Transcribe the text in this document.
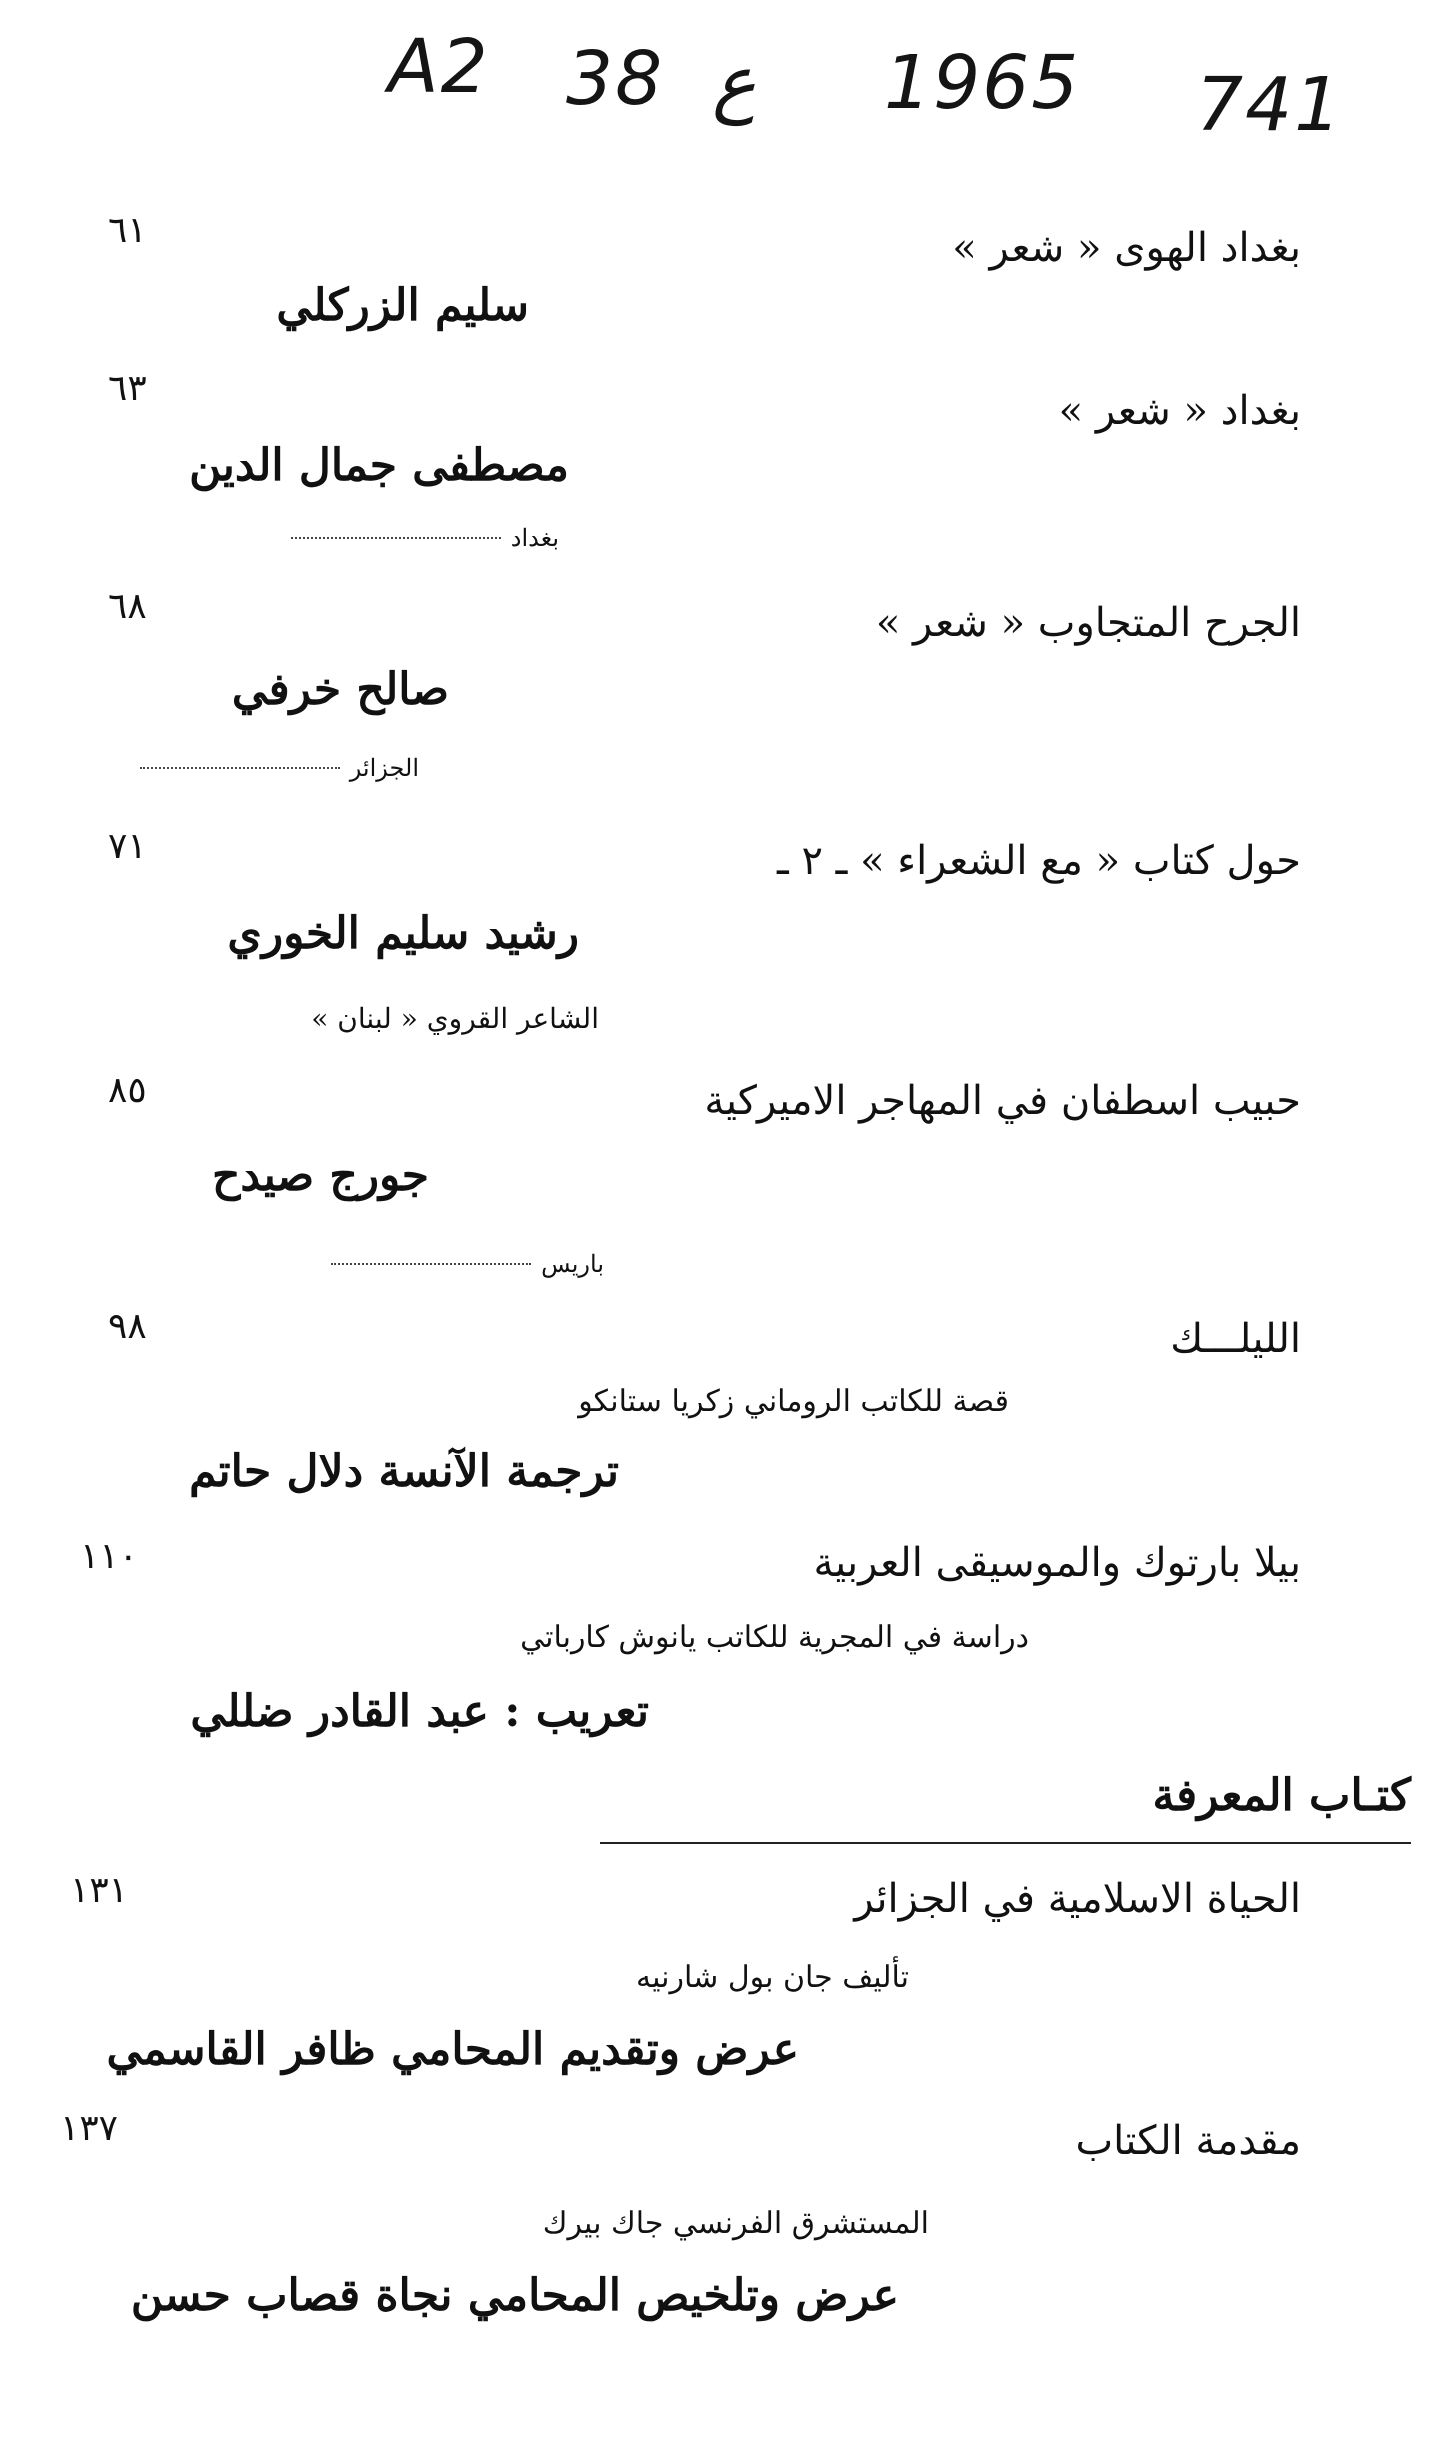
A2 38 ع 1965 741
٦١	بغداد الهوى « شعر »
سليم الزركلي
٦٣	بغداد « شعر »
مصطفى جمال الدين
بغداد
٦٨	الجرح المتجاوب « شعر »
صالح خرفي
الجزائر
٧١	حول كتاب « مع الشعراء » ـ ٢ ـ
رشيد سليم الخوري
الشاعر القروي « لبنان »
٨٥	حبيب اسطفان في المهاجر الاميركية
جورج صيدح
باريس
٩٨	الليلـــك
قصة للكاتب الروماني زكريا ستانكو
ترجمة الآنسة دلال حاتم
١١٠	بيلا بارتوك والموسيقى العربية
دراسة في المجرية للكاتب يانوش كارباتي
تعريب : عبد القادر ضللي
كتـاب المعرفة
١٣١	الحياة الاسلامية في الجزائر
تأليف جان بول شارنيه
عرض وتقديم المحامي ظافر القاسمي
١٣٧	مقدمة الكتاب
المستشرق الفرنسي جاك بيرك
عرض وتلخيص المحامي نجاة قصاب حسن
